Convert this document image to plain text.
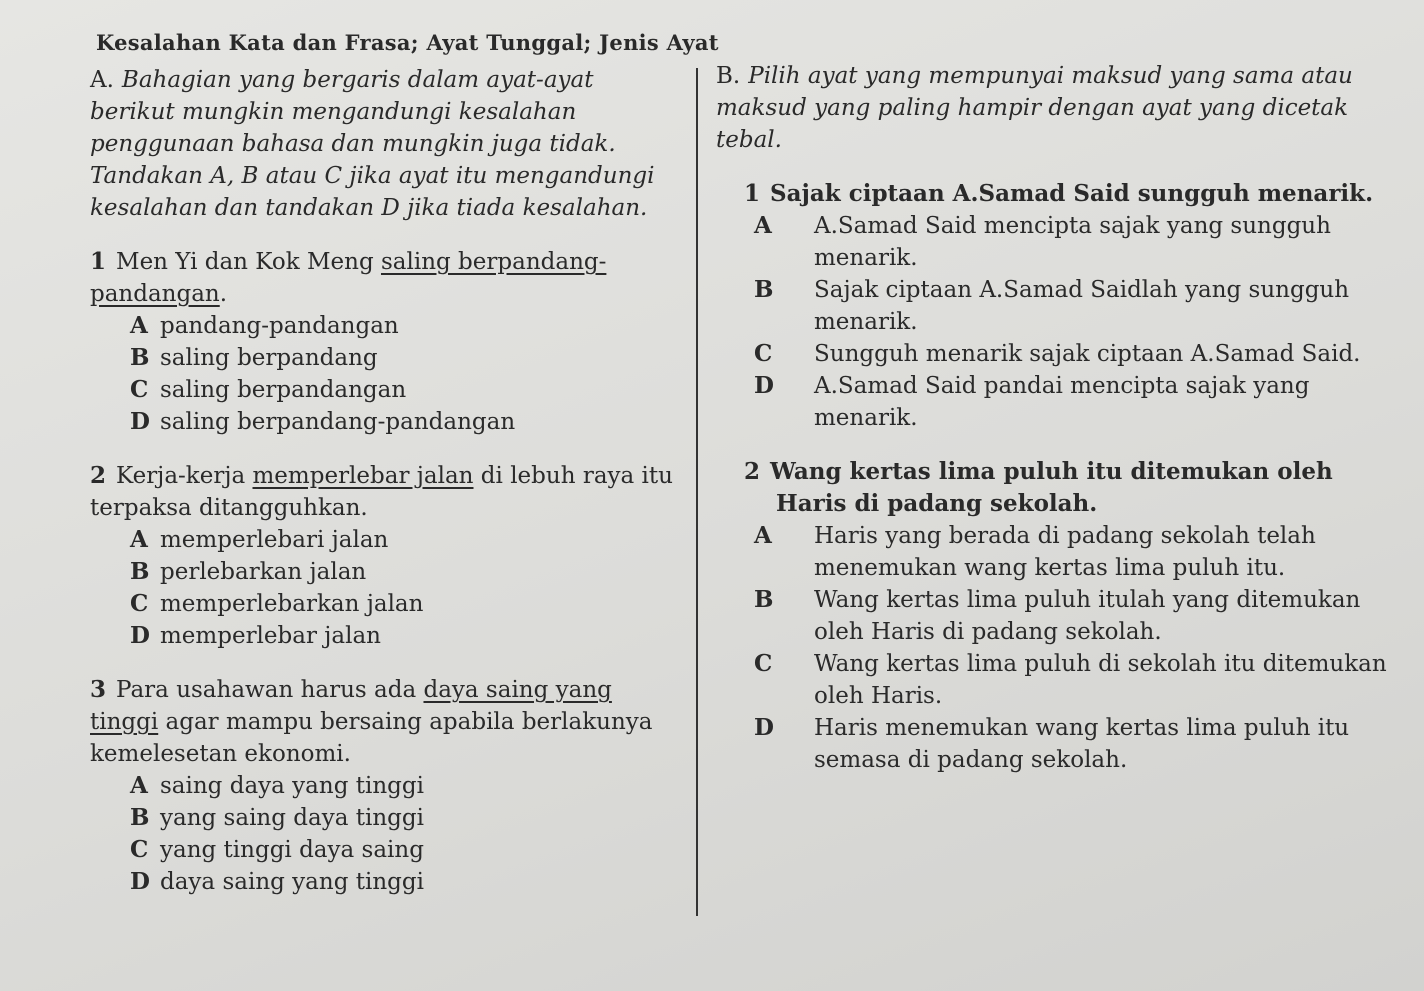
Kesalahan Kata dan Frasa; Ayat Tunggal; Jenis Ayat
A. Bahagian yang bergaris dalam ayat-ayat berikut mungkin mengandungi kesalahan penggunaan bahasa dan mungkin juga tidak. Tandakan A, B atau C jika ayat itu mengandungi kesalahan dan tandakan D jika tiada kesalahan.
1 Men Yi dan Kok Meng saling berpandang-pandangan.
A pandang-pandangan
B saling berpandang
C saling berpandangan
D saling berpandang-pandangan
2 Kerja-kerja memperlebar jalan di lebuh raya itu terpaksa ditangguhkan.
A memperlebari jalan
B perlebarkan jalan
C memperlebarkan jalan
D memperlebar jalan
3 Para usahawan harus ada daya saing yang tinggi agar mampu bersaing apabila berlakunya kemelesetan ekonomi.
A saing daya yang tinggi
B yang saing daya tinggi
C yang tinggi daya saing
D daya saing yang tinggi
B. Pilih ayat yang mempunyai maksud yang sama atau maksud yang paling hampir dengan ayat yang dicetak tebal.
1 Sajak ciptaan A.Samad Said sungguh menarik.
A A.Samad Said mencipta sajak yang sungguh menarik.
B Sajak ciptaan A.Samad Saidlah yang sungguh menarik.
C Sungguh menarik sajak ciptaan A.Samad Said.
D A.Samad Said pandai mencipta sajak yang menarik.
2 Wang kertas lima puluh itu ditemukan oleh Haris di padang sekolah.
A Haris yang berada di padang sekolah telah menemukan wang kertas lima puluh itu.
B Wang kertas lima puluh itulah yang ditemukan oleh Haris di padang sekolah.
C Wang kertas lima puluh di sekolah itu ditemukan oleh Haris.
D Haris menemukan wang kertas lima puluh itu semasa di padang sekolah.
